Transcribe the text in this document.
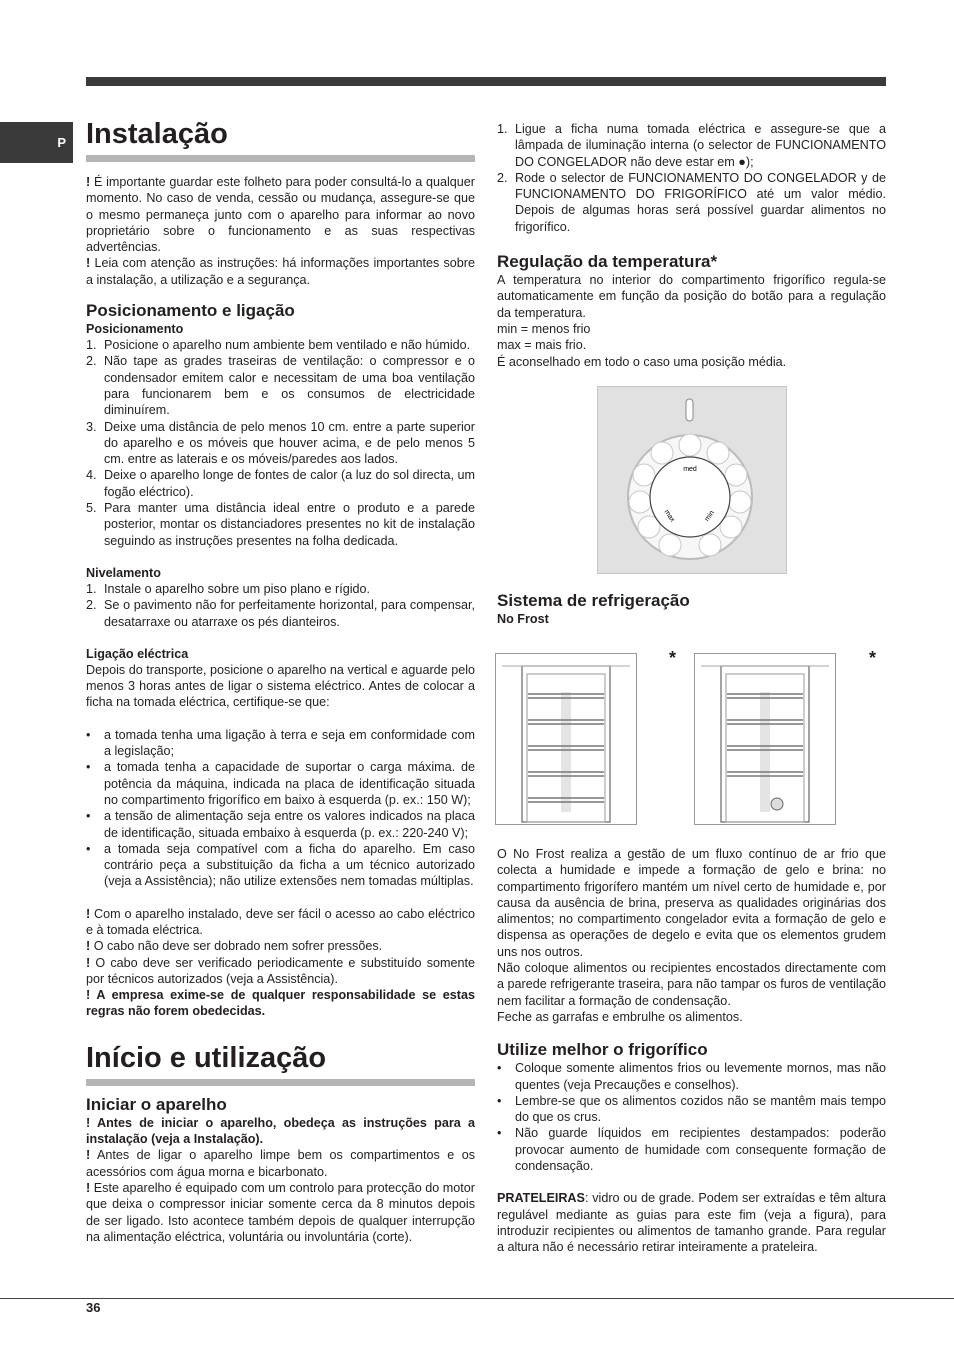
P Instalação

! É importante guardar este folheto para poder consultá-lo a qualquer momento. No caso de venda, cessão ou mudança, assegure-se que o mesmo permaneça junto com o aparelho para informar ao novo proprietário sobre o funcionamento e as suas respectivas advertências.

! Leia com atenção as instruções: há informações importantes sobre a instalação, a utilização e a segurança.

Posicionamento e ligação
Posicionamento
1. Posicione o aparelho num ambiente bem ventilado e não húmido.
2. Não tape as grades traseiras de ventilação: o compressor e o condensador emitem calor e necessitam de uma boa ventilação para funcionarem bem e os consumos de electricidade diminuírem.
3. Deixe uma distância de pelo menos 10 cm. entre a parte superior do aparelho e os móveis que houver acima, e de pelo menos 5 cm. entre as laterais e os móveis/paredes aos lados.
4. Deixe o aparelho longe de fontes de calor (a luz do sol directa, um fogão eléctrico).
5. Para manter uma distância ideal entre o produto e a parede posterior, montar os distanciadores presentes no kit de instalação seguindo as instruções presentes na folha dedicada.
Nivelamento
1. Instale o aparelho sobre um piso plano e rígido.
2. Se o pavimento não for perfeitamente horizontal, para compensar, desatarraxe ou atarraxe os pés dianteiros.
Ligação eléctrica

Depois do transporte, posicione o aparelho na vertical e aguarde pelo menos 3 horas antes de ligar o sistema eléctrico. Antes de colocar a ficha na tomada eléctrica, certifique-se que:

• a tomada tenha uma ligação à terra e seja em conformidade com a legislação;
• a tomada tenha a capacidade de suportar o carga máxima. de potência da máquina, indicada na placa de identificação situada no compartimento frigorífico em baixo à esquerda (p. ex.: 150 W);
• a tensão de alimentação seja entre os valores indicados na placa de identificação, situada embaixo à esquerda (p. ex.: 220-240 V);
• a tomada seja compatível com a ficha do aparelho. Em caso contrário peça a substituição da ficha a um técnico autorizado (veja a Assistência); não utilize extensões nem tomadas múltiplas.

! Com o aparelho instalado, deve ser fácil o acesso ao cabo eléctrico e à tomada eléctrica.

! O cabo não deve ser dobrado nem sofrer pressões.

! O cabo deve ser verificado periodicamente e substituído somente por técnicos autorizados (veja a Assistência).

! A empresa exime-se de qualquer responsabilidade se estas regras não forem obedecidas.

Início e utilização
Iniciar o aparelho

! Antes de iniciar o aparelho, obedeça as instruções para a instalação (veja a Instalação).

! Antes de ligar o aparelho limpe bem os compartimentos e os acessórios com água morna e bicarbonato.

! Este aparelho é equipado com um controlo para protecção do motor que deixa o compressor iniciar somente cerca da 8 minutos depois de ser ligado. Isto acontece também depois de qualquer interrupção na alimentação eléctrica, voluntária ou involuntária (corte).

1. Ligue a ficha numa tomada eléctrica e assegure-se que a lâmpada de iluminação interna (o selector de FUNCIONAMENTO DO CONGELADOR não deve estar em ●);
2. Rode o selector de FUNCIONAMENTO DO CONGELADOR y de FUNCIONAMENTO DO FRIGORÍFICO até um valor médio. Depois de algumas horas será possível guardar alimentos no frigorífico.
Regulação da temperatura*

A temperatura no interior do compartimento frigorífico regula-se automaticamente em função da posição do botão para a regulação da temperatura.

min = menos frio

max = mais frio.

É aconselhado em todo o caso uma posição média.

med
max	min
Sistema de refrigeração
No Frost
*	*

O No Frost realiza a gestão de um fluxo contínuo de ar frio que colecta a humidade e impede a formação de gelo e brina: no compartimento frigorífero mantém um nível certo de humidade e, por causa da ausência de brina, preserva as qualidades originárias dos alimentos; no compartimento congelador evita a formação de gelo e dispensa as operações de degelo e evita que os elementos grudem uns nos outros.

Não coloque alimentos ou recipientes encostados directamente com a parede refrigerante traseira, para não tampar os furos de ventilação nem facilitar a formação de condensação.

Feche as garrafas e embrulhe os alimentos.

Utilize melhor o frigorífico
• Coloque somente alimentos frios ou levemente mornos, mas não quentes (veja Precauções e conselhos).
• Lembre-se que os alimentos cozidos não se mantêm mais tempo do que os crus.
• Não guarde líquidos em recipientes destampados: poderão provocar aumento de humidade com consequente formação de condensação.

PRATELEIRAS: vidro ou de grade. Podem ser extraídas e têm altura regulável mediante as guias para este fim (veja a figura), para introduzir recipientes ou alimentos de tamanho grande. Para regular a altura não é necessário retirar inteiramente a prateleira.

36
